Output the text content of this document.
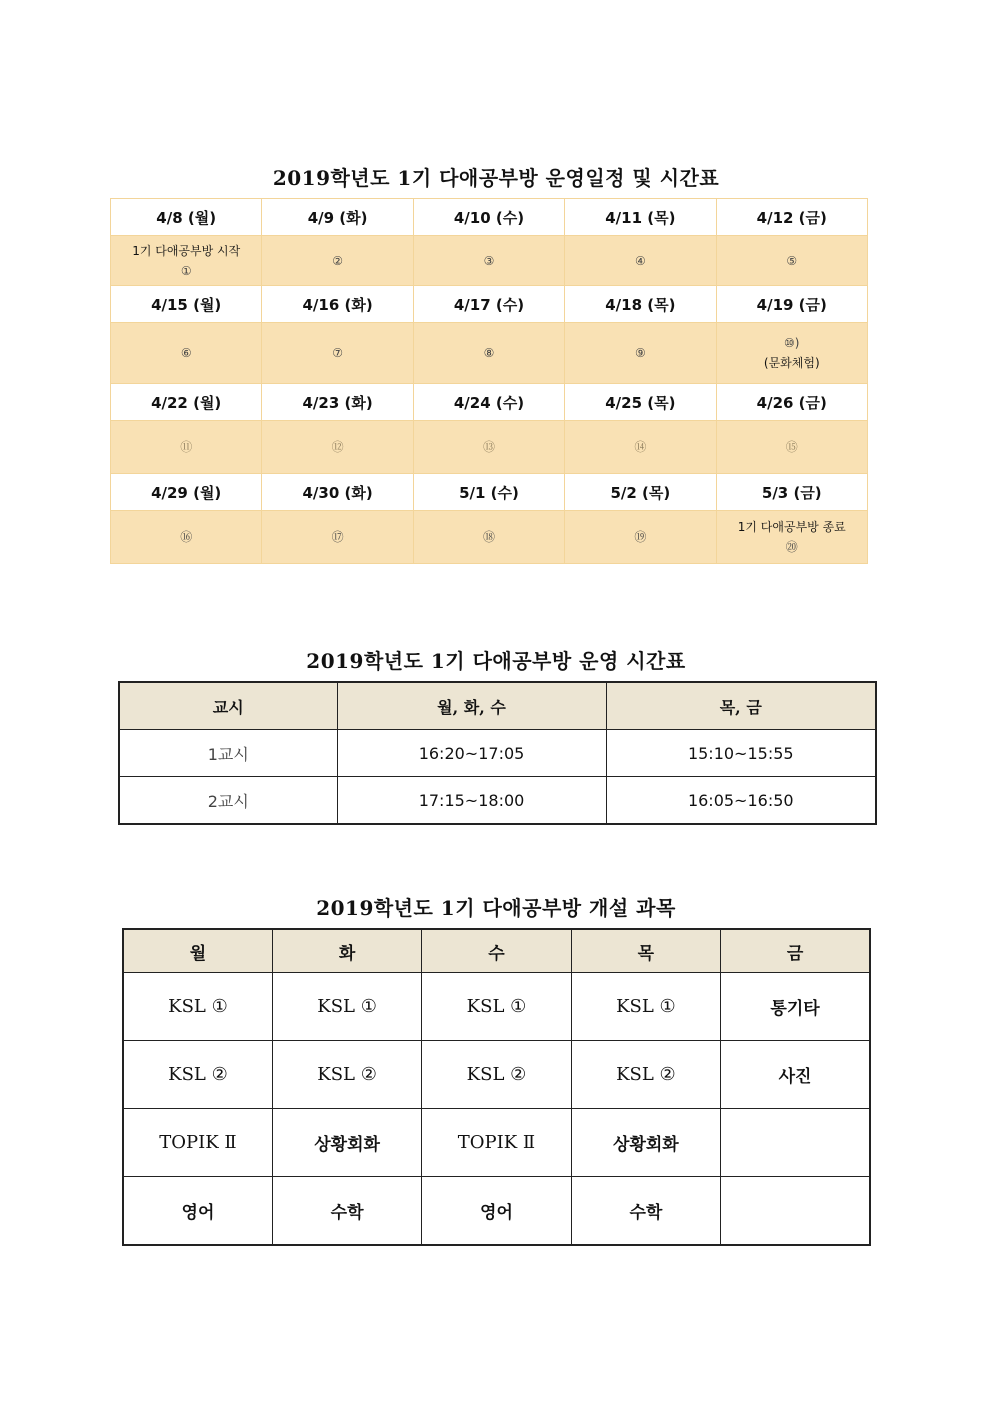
2019학년도 1기 다애공부방 운영일정 및 시간표
4/8 (월)	4/9 (화)	4/10 (수)	4/11 (목)	4/12 (금)

1기 다애공부방 시작
①	②	③	④	⑤

4/15 (월)	4/16 (화)	4/17 (수)	4/18 (목)	4/19 (금)

⑥	⑦	⑧	⑨	⑩)
(문화체험)

4/22 (월)	4/23 (화)	4/24 (수)	4/25 (목)	4/26 (금)

⑪	⑫	⑬	⑭	⑮

4/29 (월)	4/30 (화)	5/1 (수)	5/2 (목)	5/3 (금)

⑯	⑰	⑱	⑲	1기 다애공부방 종료
⑳
2019학년도 1기 다애공부방 운영 시간표
교시	월, 화, 수	목, 금
1교시	16:20~17:05	15:10~15:55
2교시	17:15~18:00	16:05~16:50
2019학년도 1기 다애공부방 개설 과목
월	화	수	목	금
KSL ①	KSL ①	KSL ①	KSL ①	통기타
KSL ②	KSL ②	KSL ②	KSL ②	사진
TOPIK Ⅱ	상황회화	TOPIK Ⅱ	상황회화	
영어	수학	영어	수학	
